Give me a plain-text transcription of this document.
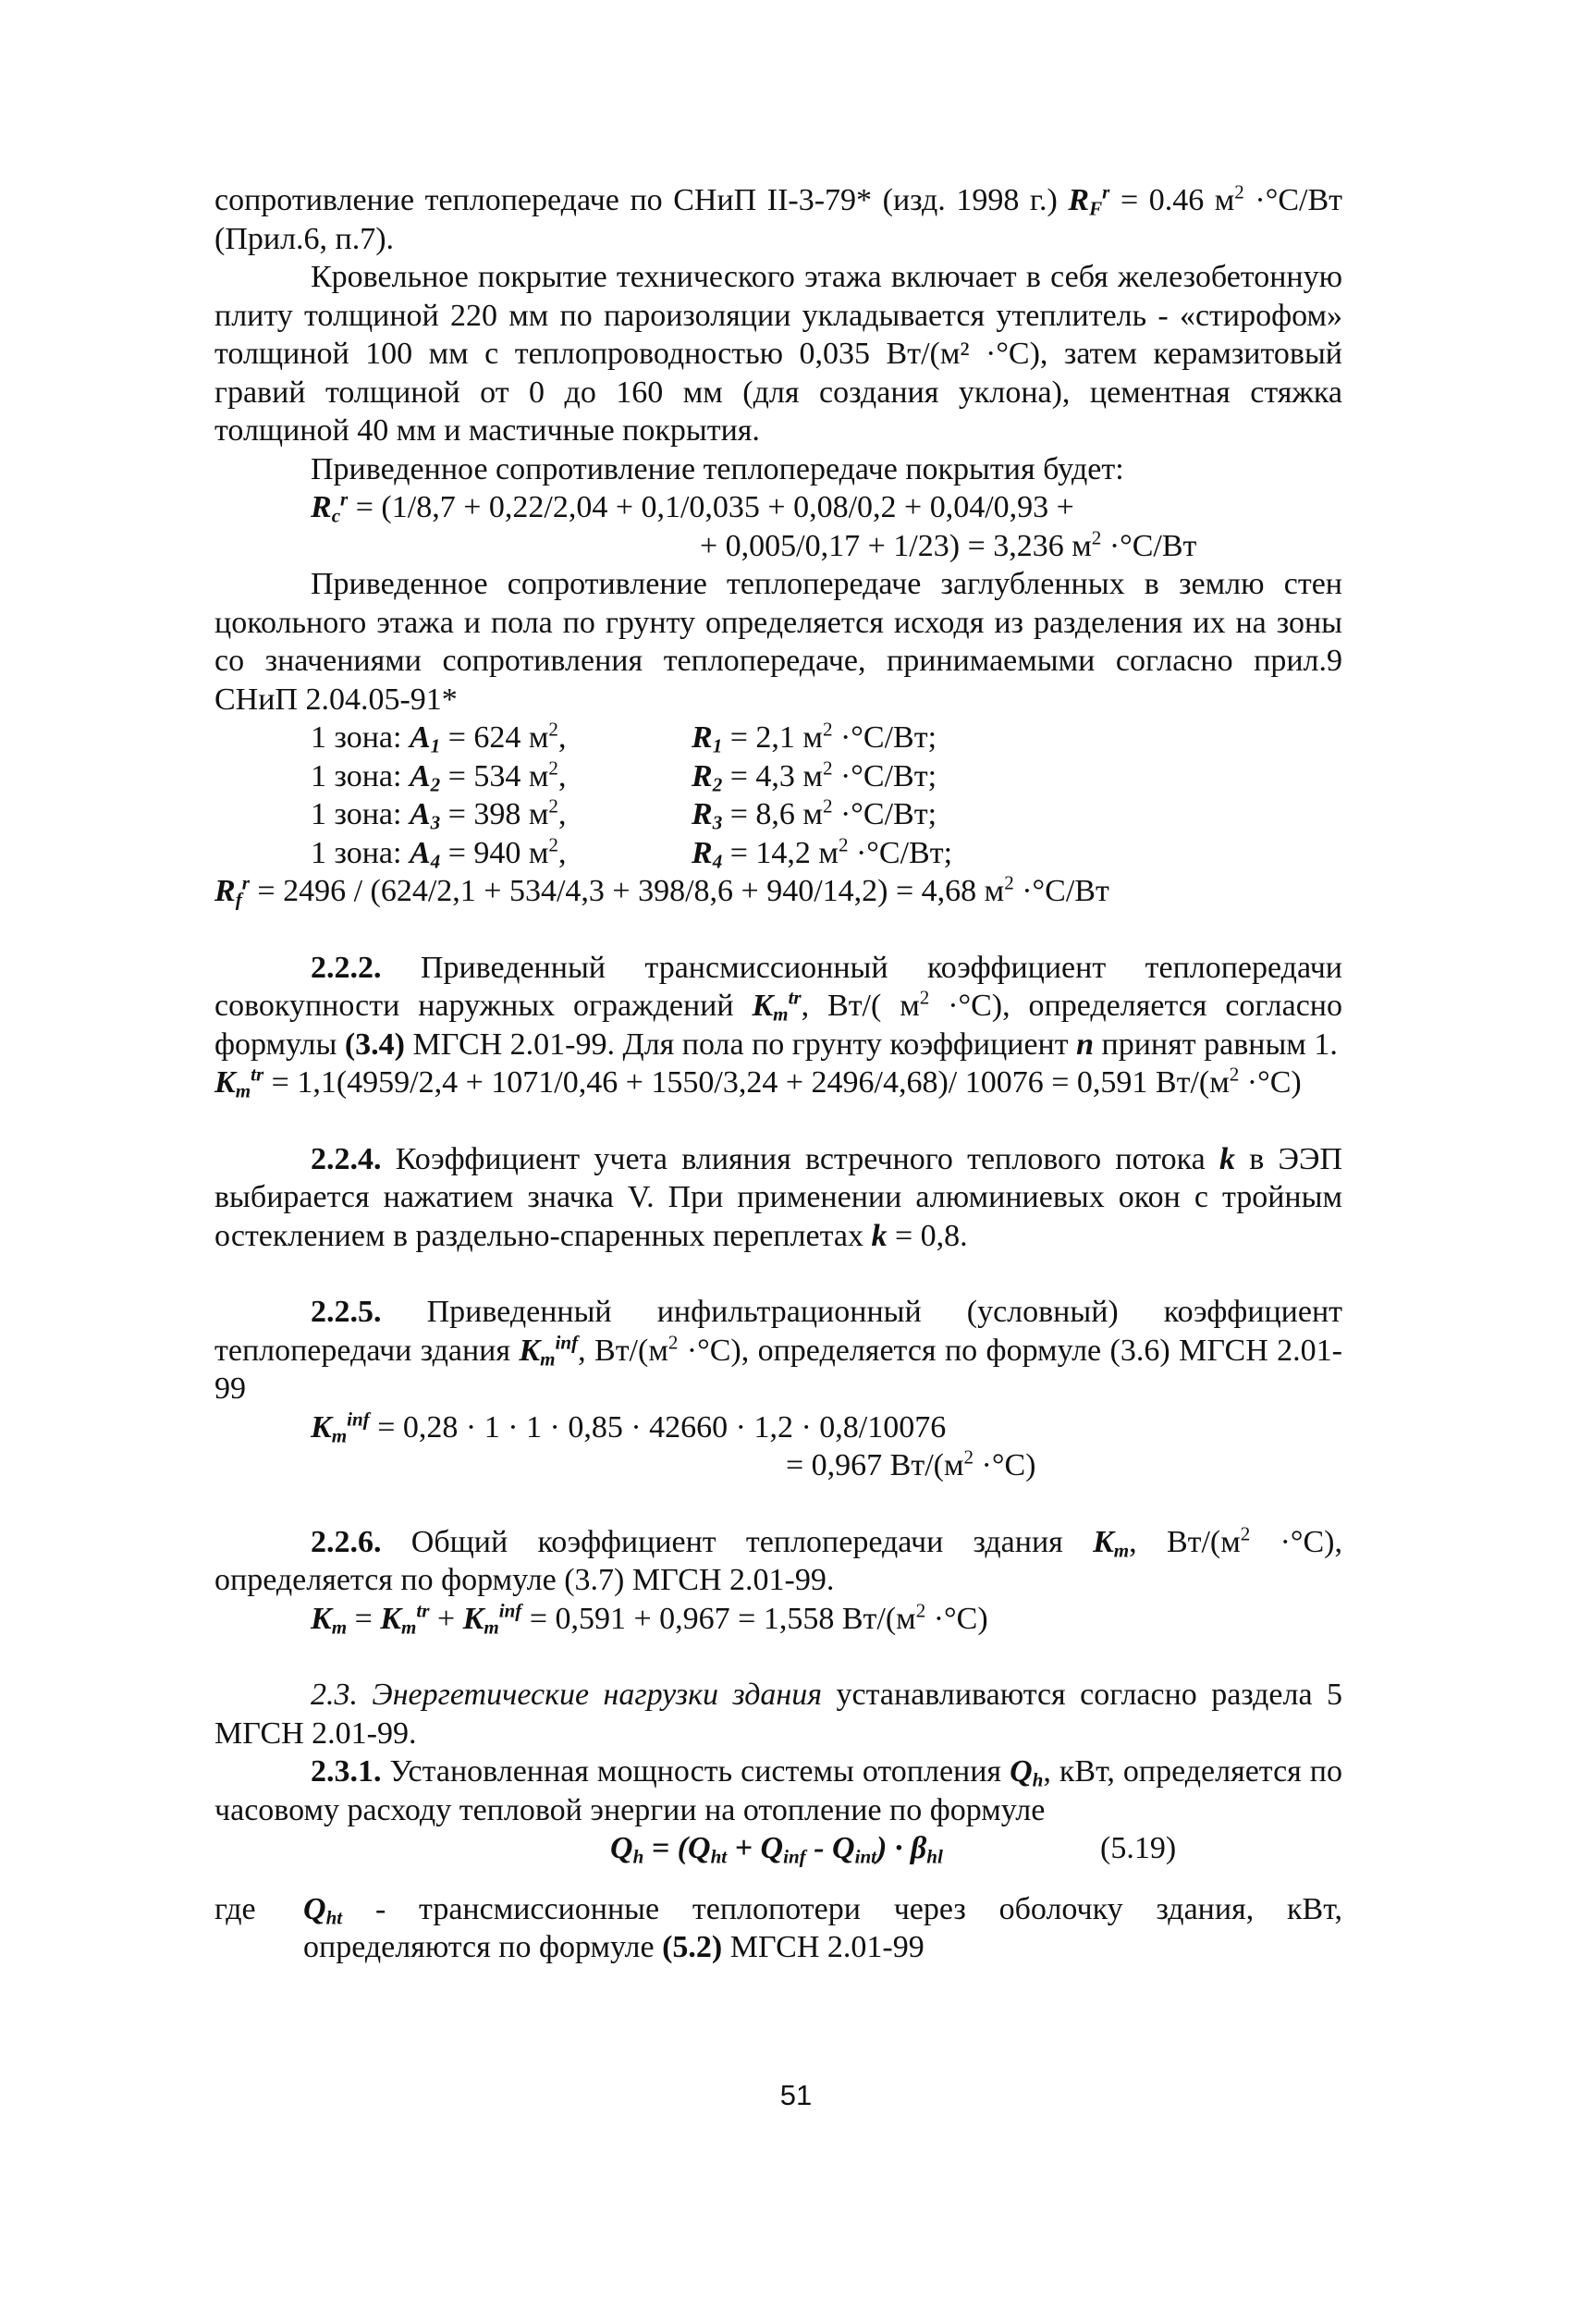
сопротивление теплопередаче по СНиП II-3-79* (изд. 1998 г.) $R_F^r = 0.46$ $м^2 \cdot^\circ С/Вт$ (Прил.6, п.7).

Кровельное покрытие технического этажа включает в себя железобетонную плиту толщиной 220 мм по пароизоляции укладывается утеплитель - «стирофом» толщиной 100 мм с теплопроводностью 0,035 Вт/(м² ·°С), затем керамзитовый гравий толщиной от 0 до 160 мм (для создания уклона), цементная стяжка толщиной 40 мм и мастичные покрытия.

Приведенное сопротивление теплопередаче покрытия будет:

$R_c^r = (1/8,7 + 0,22/2,04 + 0,1/0,035 + 0,08/0,2 + 0,04/0,93$ +
+ 0,005/0,17 + 1/23) = 3,236 $м^2 \cdot^\circ С/Вт$

Приведенное сопротивление теплопередаче заглубленных в землю стен цокольного этажа и пола по грунту определяется исходя из разделения их на зоны со значениями сопротивления теплопередаче, принимаемыми согласно прил.9 СНиП 2.04.05-91*

1 зона: $A_1 = 624$ $м^2$,	$R_1 = 2,1$ $м^2 \cdot^\circ С/Вт$;
1 зона: $A_2 = 534$ $м^2$,	$R_2 = 4,3$ $м^2 \cdot^\circ С/Вт$;
1 зона: $A_3 = 398$ $м^2$,	$R_3 = 8,6$ $м^2 \cdot^\circ С/Вт$;
1 зона: $A_4 = 940$ $м^2$,	$R_4 = 14,2$ $м^2 \cdot^\circ С/Вт$;
$R_f^r = 2496 / (624/2,1 + 534/4,3 + 398/8,6 + 940/14,2) = 4,68$ $м^2 \cdot^\circ С/Вт$

2.2.2. Приведенный трансмиссионный коэффициент теплопередачи совокупности наружных ограждений $K_m^{tr}$, Вт/( $м^2 \cdot^\circ С$), определяется согласно формулы (3.4) МГСН 2.01-99. Для пола по грунту коэффициент n принят равным 1.

$K_m^{tr} = 1,1(4959/2,4 + 1071/0,46 + 1550/3,24 + 2496/4,68)/$ 10076 = 0,591 $Вт/(м^2 \cdot^\circ С)$

2.2.4. Коэффициент учета влияния встречного теплового потока k в ЭЭП выбирается нажатием значка V. При применении алюминиевых окон с тройным остеклением в раздельно-спаренных переплетах k = 0,8.

2.2.5. Приведенный инфильтрационный (условный) коэффициент теплопередачи здания $K_m^{inf}$, $Вт/(м^2 \cdot^\circ С)$, определяется по формуле (3.6) МГСН 2.01-99

$K_m^{inf} = 0,28 \cdot 1 \cdot 1 \cdot 0,85 \cdot 42660 \cdot 1,2 \cdot 0,8/10076$
= 0,967 $Вт/(м^2 \cdot^\circ С)$

2.2.6. Общий коэффициент теплопередачи здания $K_m$, $Вт/(м^2 \cdot^\circ С)$, определяется по формуле (3.7) МГСН 2.01-99.

$K_m = K_m^{tr} + K_m^{inf} = 0,591 + 0,967 = 1,558$ $Вт/(м^2 \cdot^\circ С)$

2.3. Энергетические нагрузки здания устанавливаются согласно раздела 5 МГСН 2.01-99.

2.3.1. Установленная мощность системы отопления $Q_h$, кВт, определяется по часовому расходу тепловой энергии на отопление по формуле

$Q_h = (Q_{ht} + Q_{inf} - Q_{int}) \cdot \beta_{hl}$	(5.19)
где	$Q_{ht}$ - трансмиссионные теплопотери через оболочку здания, кВт, определяются по формуле (5.2) МГСН 2.01-99

51
